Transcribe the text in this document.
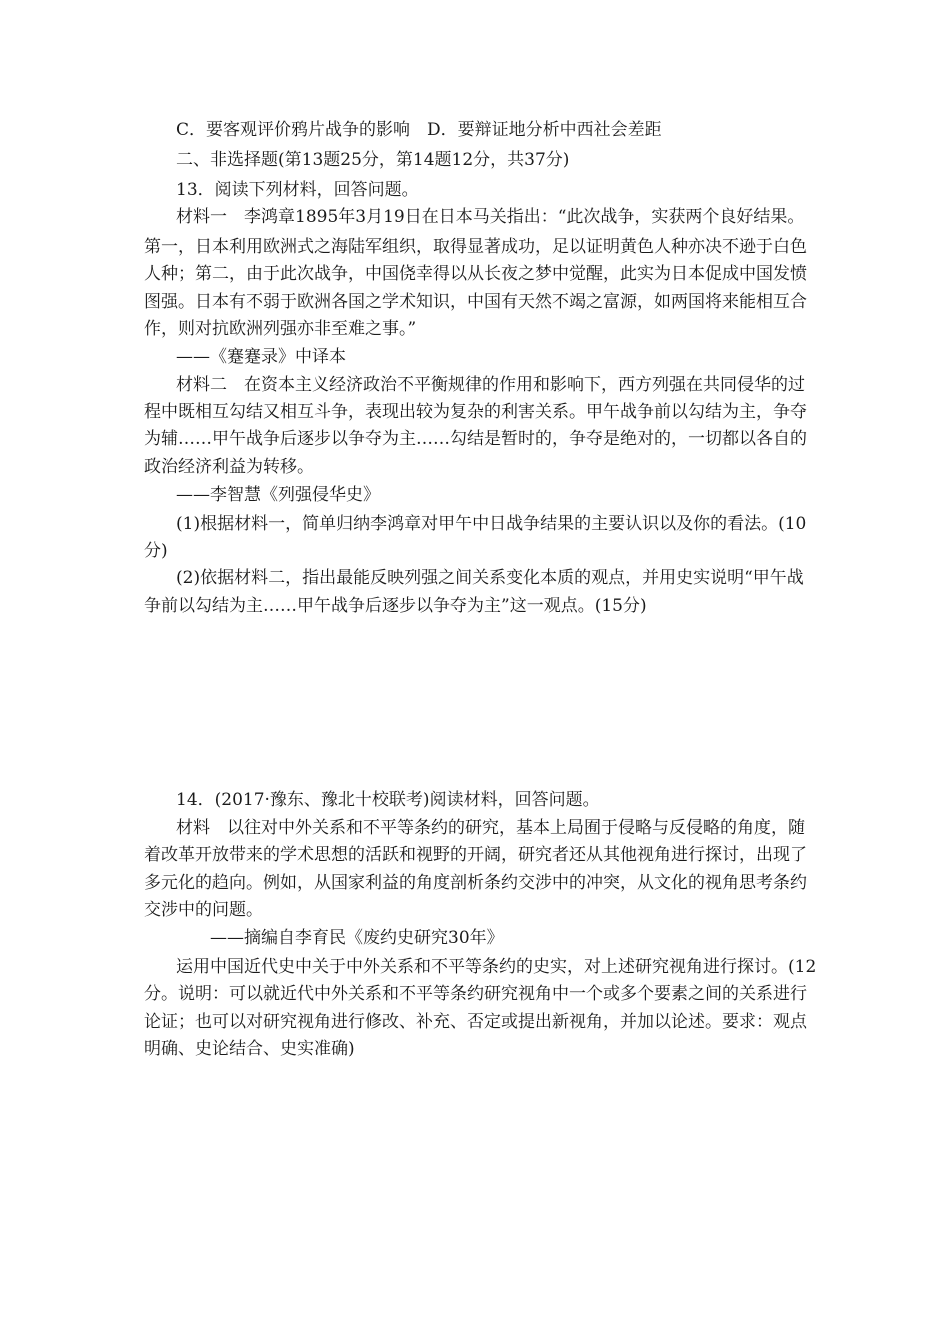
C．要客观评价鸦片战争的影响　D．要辩证地分析中西社会差距
二、非选择题(第13题25分，第14题12分，共37分)
13．阅读下列材料，回答问题。
材料一　李鸿章1895年3月19日在日本马关指出：“此次战争，实获两个良好结果。
第一，日本利用欧洲式之海陆军组织，取得显著成功，足以证明黄色人种亦决不逊于白色
人种；第二，由于此次战争，中国侥幸得以从长夜之梦中觉醒，此实为日本促成中国发愤
图强。日本有不弱于欧洲各国之学术知识，中国有天然不竭之富源，如两国将来能相互合
作，则对抗欧洲列强亦非至难之事。”
——《蹇蹇录》中译本
材料二　在资本主义经济政治不平衡规律的作用和影响下，西方列强在共同侵华的过
程中既相互勾结又相互斗争，表现出较为复杂的利害关系。甲午战争前以勾结为主，争夺
为辅……甲午战争后逐步以争夺为主……勾结是暂时的，争夺是绝对的，一切都以各自的
政治经济利益为转移。
——李智慧《列强侵华史》
(1)根据材料一，简单归纳李鸿章对甲午中日战争结果的主要认识以及你的看法。(10
分)
(2)依据材料二，指出最能反映列强之间关系变化本质的观点，并用史实说明“甲午战
争前以勾结为主……甲午战争后逐步以争夺为主”这一观点。(15分)
14．(2017·豫东、豫北十校联考)阅读材料，回答问题。
材料　以往对中外关系和不平等条约的研究，基本上局囿于侵略与反侵略的角度，随
着改革开放带来的学术思想的活跃和视野的开阔，研究者还从其他视角进行探讨，出现了
多元化的趋向。例如，从国家利益的角度剖析条约交涉中的冲突，从文化的视角思考条约
交涉中的问题。
——摘编自李育民《废约史研究30年》
运用中国近代史中关于中外关系和不平等条约的史实，对上述研究视角进行探讨。(12
分。说明：可以就近代中外关系和不平等条约研究视角中一个或多个要素之间的关系进行
论证；也可以对研究视角进行修改、补充、否定或提出新视角，并加以论述。要求：观点
明确、史论结合、史实准确)
